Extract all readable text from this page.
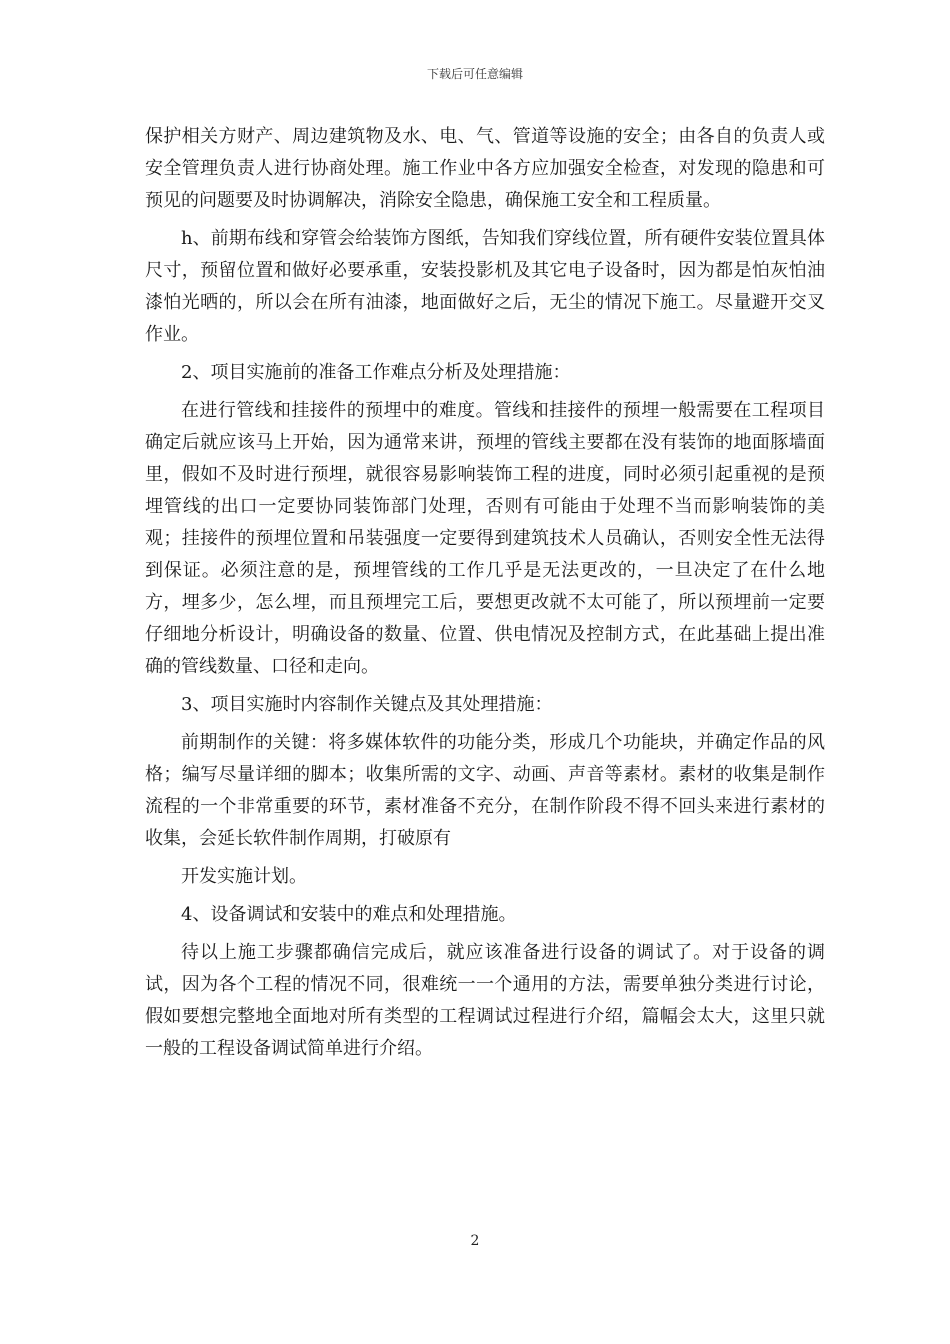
下载后可任意编辑

保护相关方财产、周边建筑物及水、电、气、管道等设施的安全；由各自的负责人或安全管理负责人进行协商处理。施工作业中各方应加强安全检查，对发现的隐患和可预见的问题要及时协调解决，消除安全隐患，确保施工安全和工程质量。

h、前期布线和穿管会给装饰方图纸，告知我们穿线位置，所有硬件安装位置具体尺寸，预留位置和做好必要承重，安装投影机及其它电子设备时，因为都是怕灰怕油漆怕光晒的，所以会在所有油漆，地面做好之后，无尘的情况下施工。尽量避开交叉作业。

2、项目实施前的准备工作难点分析及处理措施：

在进行管线和挂接件的预埋中的难度。管线和挂接件的预埋一般需要在工程项目确定后就应该马上开始，因为通常来讲，预埋的管线主要都在没有装饰的地面豚墙面里，假如不及时进行预埋，就很容易影响装饰工程的进度，同时必须引起重视的是预埋管线的出口一定要协同装饰部门处理，否则有可能由于处理不当而影响装饰的美观；挂接件的预埋位置和吊装强度一定要得到建筑技术人员确认，否则安全性无法得到保证。必须注意的是，预埋管线的工作几乎是无法更改的，一旦决定了在什么地方，埋多少，怎么埋，而且预埋完工后，要想更改就不太可能了，所以预埋前一定要仔细地分析设计，明确设备的数量、位置、供电情况及控制方式，在此基础上提出准确的管线数量、口径和走向。

3、项目实施时内容制作关键点及其处理措施：

前期制作的关键：将多媒体软件的功能分类，形成几个功能块，并确定作品的风格；编写尽量详细的脚本；收集所需的文字、动画、声音等素材。素材的收集是制作流程的一个非常重要的环节，素材准备不充分，在制作阶段不得不回头来进行素材的收集，会延长软件制作周期，打破原有

开发实施计划。

4、设备调试和安装中的难点和处理措施。

待以上施工步骤都确信完成后，就应该准备进行设备的调试了。对于设备的调试，因为各个工程的情况不同，很难统一一个通用的方法，需要单独分类进行讨论，假如要想完整地全面地对所有类型的工程调试过程进行介绍，篇幅会太大，这里只就一般的工程设备调试简单进行介绍。

2
